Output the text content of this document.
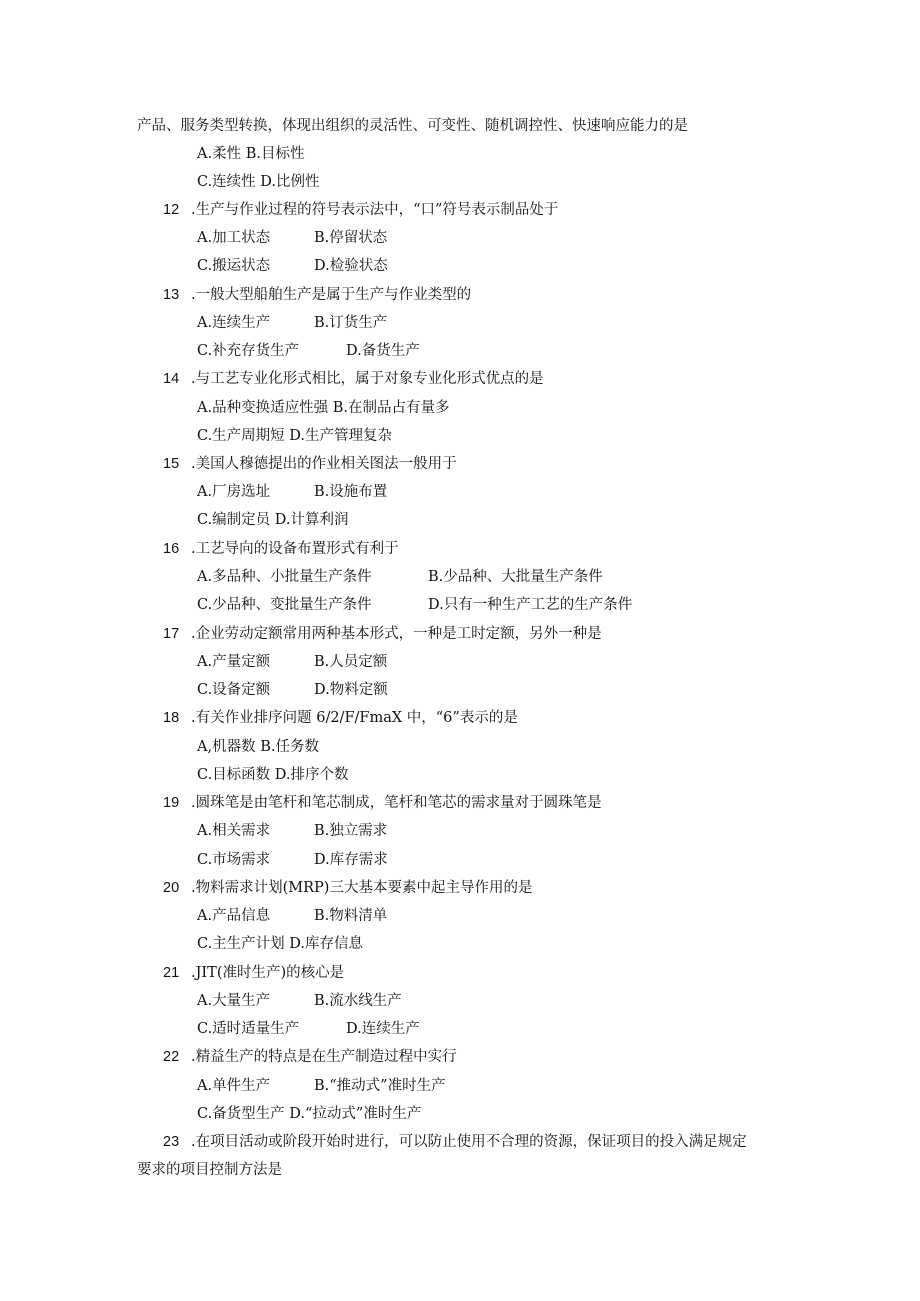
产品、服务类型转换，体现出组织的灵活性、可变性、随机调控性、快速响应能力的是
A.柔性 B.目标性
C.连续性 D.比例性
12 .生产与作业过程的符号表示法中，“口”符号表示制品处于
A.加工状态	B.停留状态
C.搬运状态	D.检验状态
13 .一般大型船舶生产是属于生产与作业类型的
A.连续生产	B.订货生产
C.补充存货生产	D.备货生产
14 .与工艺专业化形式相比，属于对象专业化形式优点的是
A.品种变换适应性强 B.在制品占有量多
C.生产周期短 D.生产管理复杂
15 .美国人穆德提出的作业相关图法一般用于
A.厂房选址	B.设施布置
C.编制定员 D.计算利润
16 .工艺导向的设备布置形式有利于
A.多品种、小批量生产条件	B.少品种、大批量生产条件
C.少品种、变批量生产条件	D.只有一种生产工艺的生产条件
17 .企业劳动定额常用两种基本形式，一种是工时定额，另外一种是
A.产量定额	B.人员定额
C.设备定额	D.物料定额
18 .有关作业排序问题 6/2/F/FmaX 中，“6”表示的是
A,机器数 B.任务数
C.目标函数 D.排序个数
19 .圆珠笔是由笔杆和笔芯制成，笔杆和笔芯的需求量对于圆珠笔是
A.相关需求	B.独立需求
C.市场需求	D.库存需求
20 .物料需求计划(MRP)三大基本要素中起主导作用的是
A.产品信息	B.物料清单
C.主生产计划 D.库存信息
21 .JIT(准时生产)的核心是
A.大量生产	B.流水线生产
C.适时适量生产	D.连续生产
22 .精益生产的特点是在生产制造过程中实行
A.单件生产	B.“推动式”准时生产
C.备货型生产 D.“拉动式”准时生产
23 .在项目活动或阶段开始时进行，可以防止使用不合理的资源，保证项目的投入满足规定
要求的项目控制方法是
